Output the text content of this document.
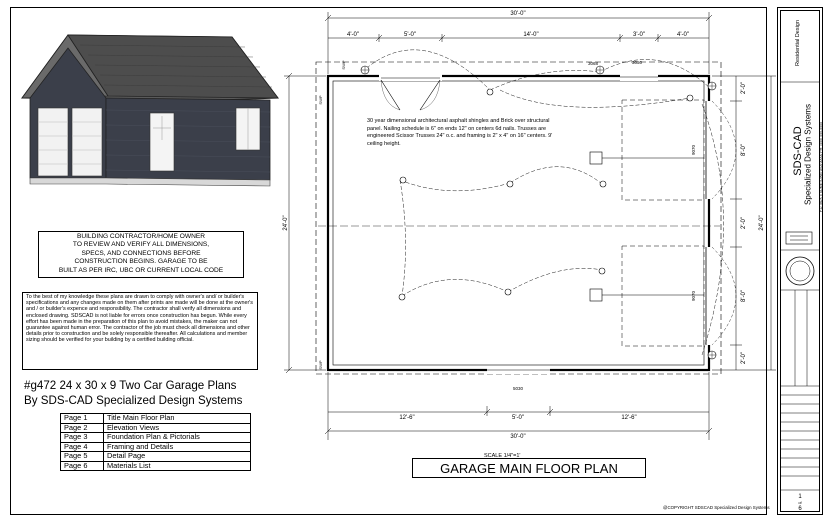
30'-0"
4'-0"	5'-0"	14'-0"	3'-0"	4'-0"
12'-6"	5'-0"	12'-6"
30'-0"
3068	3050
5030
24'-0"	24'-0"
2'-0"
8'-0"
2'-0"
8'-0"
2'-0"
9070
9070
SWP
SWP
SWP
30 year dimensional architectural asphalt shingles and Brick over structural panel. Nailing schedule is 6" on ends 12" on centers 6d nails. Trusses are engineered Scissor Trusses 24" o.c. and framing is 2" x 4" on 16" centers. 9' ceiling height.
BUILDING CONTRACTOR/HOME OWNER
TO REVIEW AND VERIFY ALL DIMENSIONS,
SPECS, AND CONNECTIONS BEFORE
CONSTRUCTION BEGINS. GARAGE TO BE
BUILT AS PER IRC, UBC OR CURRENT LOCAL CODE
To the best of my knowledge these plans are drawn to comply with owner's and/ or builder's specifications and any changes made on them after prints are made will be done at the owner's and / or builder's expence and responsibility. The contractor shall verify all dimensions and enclosed drawing. SDSCAD is not liable for errors once construction has begun. While every effort has been made in the preparation of this plan to avoid mistakes, the maker can not guarantee against human error. The contractor of the job must check all dimensions and other details prior to construction and be solely responsible thereafter. All calculations and member sizing should be verified for your building by a certified building official.
#g472 24 x 30 x 9 Two Car Garage Plans
By SDS-CAD Specialized Design Systems
Page 1	Title Main Floor Plan
Page 2	Elevation Views
Page 3	Foundation Plan & Pictorials
Page 4	Framing and Details
Page 5	Detail Page
Page 6	Materials List
SCALE 1/4"=1'
GARAGE MAIN FLOOR PLAN
@COPYRIGHT SDSCAD Specialized Design Systems
Residential Design
SDS-CAD Specialized Design Systems P.O. BOX 5 SOMETOWN USA 00000 PH: (555) 555-5555
1
of
6
